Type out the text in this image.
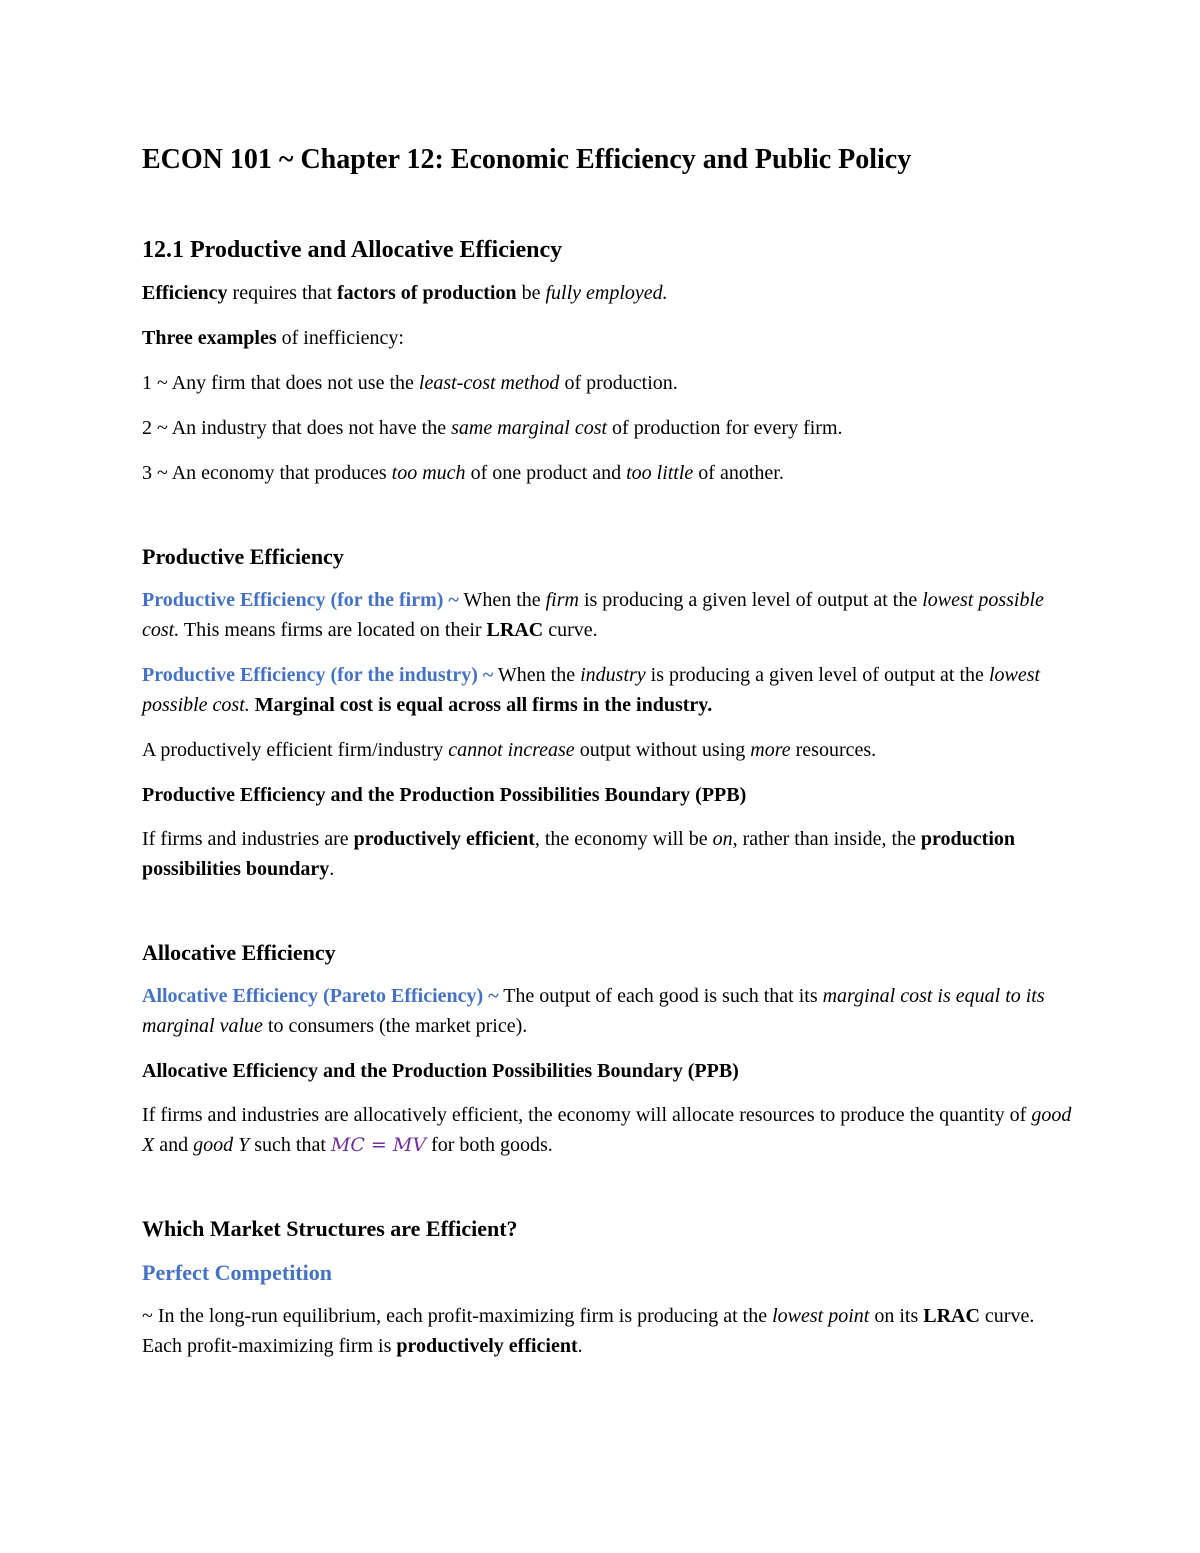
ECON 101 ~ Chapter 12: Economic Efficiency and Public Policy

12.1 Productive and Allocative Efficiency

Efficiency requires that factors of production be fully employed.

Three examples of inefficiency:

1 ~ Any firm that does not use the least-cost method of production.

2 ~ An industry that does not have the same marginal cost of production for every firm.

3 ~ An economy that produces too much of one product and too little of another.

Productive Efficiency

Productive Efficiency (for the firm) ~ When the firm is producing a given level of output at the lowest possible cost. This means firms are located on their LRAC curve.

Productive Efficiency (for the industry) ~ When the industry is producing a given level of output at the lowest possible cost. Marginal cost is equal across all firms in the industry.

A productively efficient firm/industry cannot increase output without using more resources.

Productive Efficiency and the Production Possibilities Boundary (PPB)

If firms and industries are productively efficient, the economy will be on, rather than inside, the production possibilities boundary.

Allocative Efficiency

Allocative Efficiency (Pareto Efficiency) ~ The output of each good is such that its marginal cost is equal to its marginal value to consumers (the market price).

Allocative Efficiency and the Production Possibilities Boundary (PPB)

If firms and industries are allocatively efficient, the economy will allocate resources to produce the quantity of good X and good Y such that MC = MV for both goods.

Which Market Structures are Efficient?

Perfect Competition

~ In the long-run equilibrium, each profit-maximizing firm is producing at the lowest point on its LRAC curve. Each profit-maximizing firm is productively efficient.
